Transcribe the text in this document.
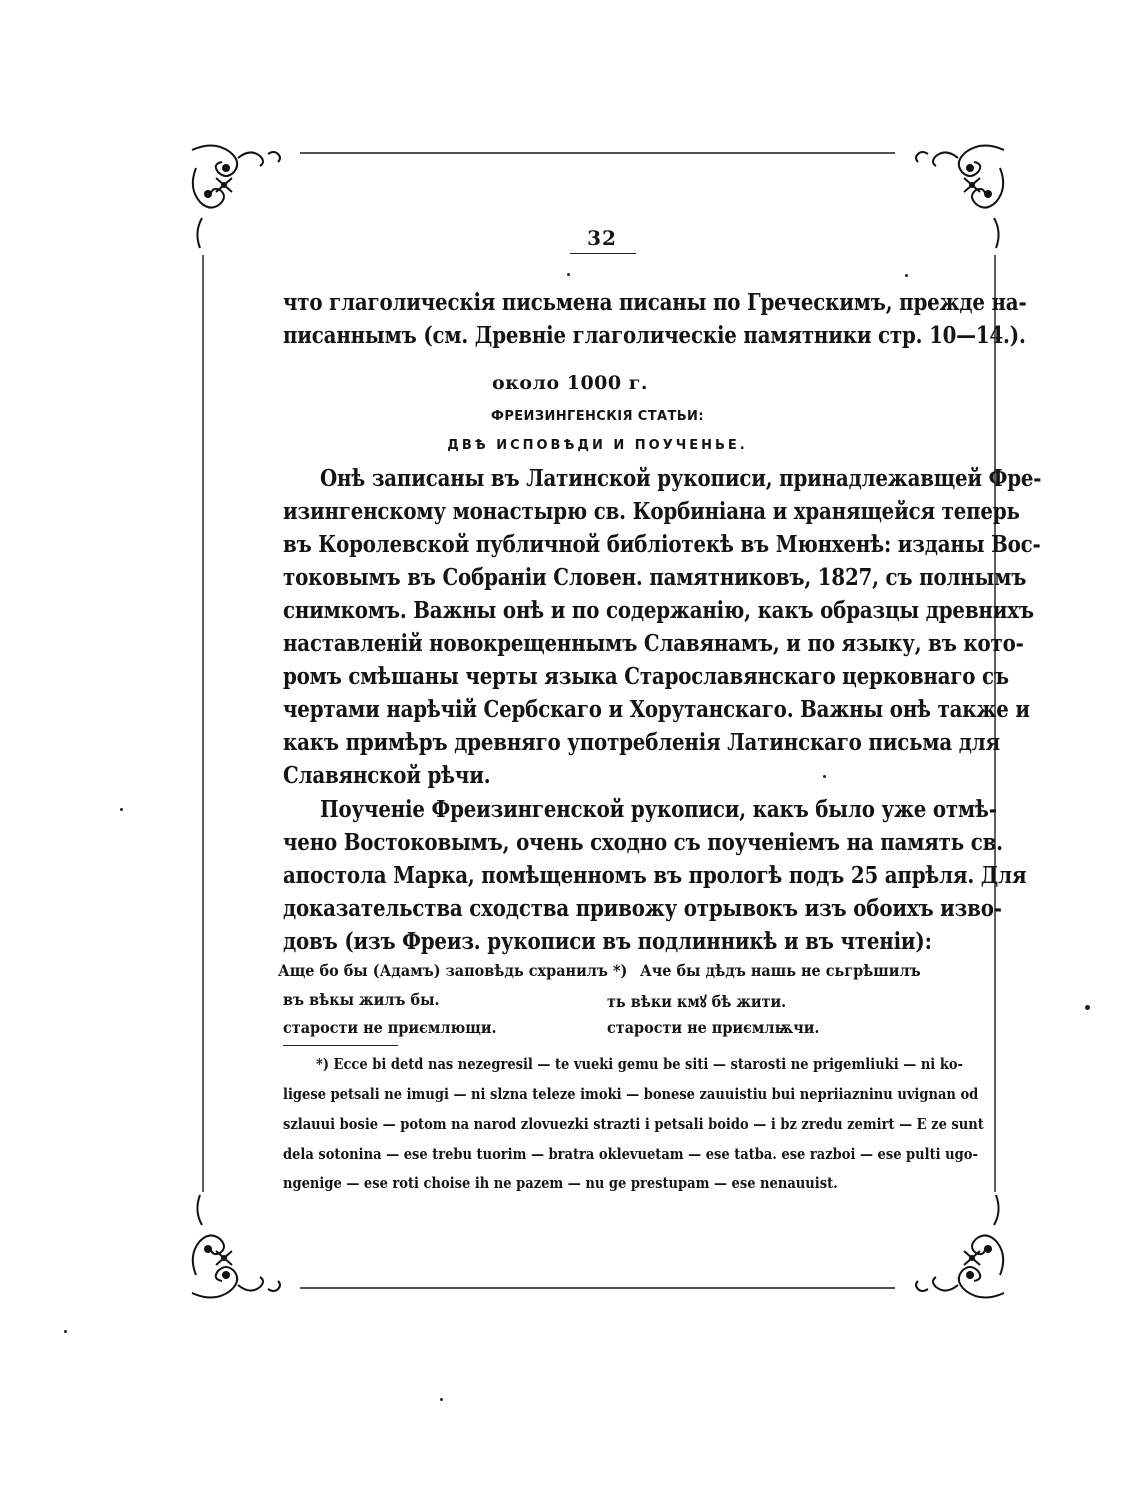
32
что глаголическія письмена писаны по Греческимъ, прежде на-
писаннымъ (см. Древніе глаголическіе памятники стр. 10—14.).
около 1000 г.
ФРЕИЗИНГЕНСКІЯ СТАТЬИ:
ДВѢ ИСПОВѢДИ И ПОУЧЕНЬЕ.
Онѣ записаны въ Латинской рукописи, принадлежавщей Фре-
изингенскому монастырю св. Корбиніана и хранящейся теперь
въ Королевской публичной библіотекѣ въ Мюнхенѣ: изданы Вос-
токовымъ въ Собраніи Словен. памятниковъ, 1827, съ полнымъ
снимкомъ. Важны онѣ и по содержанію, какъ образцы древнихъ
наставленій новокрещеннымъ Славянамъ, и по языку, въ кото-
ромъ смѣшаны черты языка Старославянскаго церковнаго съ
чертами нарѣчій Сербскаго и Хорутанскаго. Важны онѣ также и
какъ примѣръ древняго употребленія Латинскаго письма для
Славянской рѣчи.
Поученіе Фреизингенской рукописи, какъ было уже отмѣ-
чено Востоковымъ, очень сходно съ поученіемъ на память св.
апостола Марка, помѣщенномъ въ прологѣ подъ 25 апрѣля. Для
доказательства сходства привожу отрывокъ изъ обоихъ изво-
довъ (изъ Фреиз. рукописи въ подлинникѣ и въ чтеніи):
Аще бо бы (Адамъ) заповѣдь схранилъ *)
въ вѣкы жилъ бы.
старости не приємлющи.
Аче бы дѣдъ нашь не сьгрѣшилъ
ть вѣки кмꙋ бѣ жити.
старости не приємлѭчи.
*) Ecce bi detd nas nezegresil — te vueki gemu be siti — starosti ne prigemliuki — ni ko-
ligese petsali ne imugi — ni slzna teleze imoki — bonese zauuistiu bui nepriiazninu uvignan od
szlauui bosie — potom na narod zlovuezki strazti i petsali boido — i bz zredu zemirt — E ze sunt
dela sotonina — ese trebu tuorim — bratra oklevuetam — ese tatba. ese razboi — ese pulti ugo-
ngenige — ese roti choise ih ne pazem — nu ge prestupam — ese nenauuist.
